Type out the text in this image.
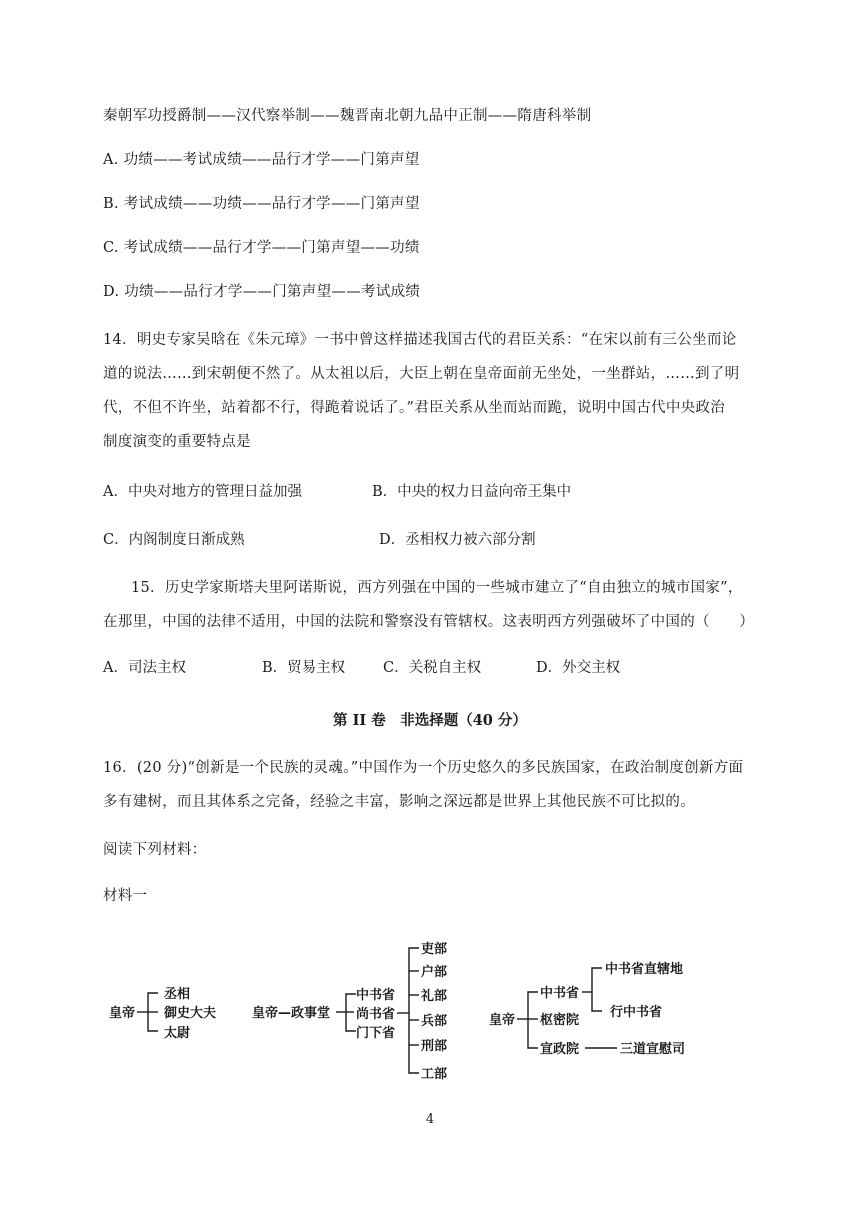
秦朝军功授爵制——汉代察举制——魏晋南北朝九品中正制——隋唐科举制
A. 功绩——考试成绩——品行才学——门第声望
B. 考试成绩——功绩——品行才学——门第声望
C. 考试成绩——品行才学——门第声望——功绩
D. 功绩——品行才学——门第声望——考试成绩
14．明史专家吴晗在《朱元璋》一书中曾这样描述我国古代的君臣关系：“在宋以前有三公坐而论
道的说法……到宋朝便不然了。从太祖以后，大臣上朝在皇帝面前无坐处，一坐群站，……到了明
代，不但不许坐，站着都不行，得跪着说话了。”君臣关系从坐而站而跪，说明中国古代中央政治
制度演变的重要特点是
A．中央对地方的管理日益加强	B．中央的权力日益向帝王集中
C．内阁制度日渐成熟	D．丞相权力被六部分割
15．历史学家斯塔夫里阿诺斯说，西方列强在中国的一些城市建立了“自由独立的城市国家”，
在那里，中国的法律不适用，中国的法院和警察没有管辖权。这表明西方列强破坏了中国的（　　）
A．司法主权	B．贸易主权	C．关税自主权	D．外交主权
第 II 卷　非选择题（40 分）
16．(20 分)“创新是一个民族的灵魂。”中国作为一个历史悠久的多民族国家，在政治制度创新方面
多有建树，而且其体系之完备，经验之丰富，影响之深远都是世界上其他民族不可比拟的。
阅读下列材料：
材料一
皇帝
丞相
御史大夫
太尉
皇帝—政事堂
中书省
尚书省
门下省
吏部
户部
礼部
兵部
刑部
工部
皇帝
中书省
枢密院
宣政院
中书省直辖地
行中书省
三道宣慰司
4
